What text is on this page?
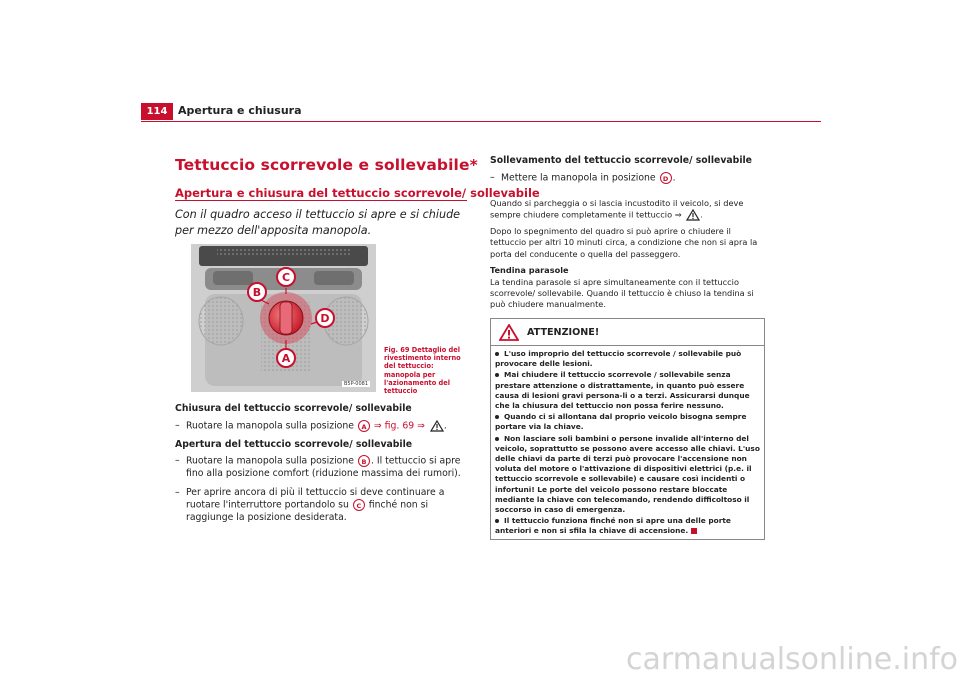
114 Apertura e chiusura
Tettuccio scorrevole e sollevabile*
Apertura e chiusura del tettuccio scorrevole/ sollevabile
Con il quadro acceso il tettuccio si apre e si chiude per mezzo dell'apposita manopola.
C
B
D
A
B5P-0081
Fig. 69 Dettaglio del rivestimento interno del tettuccio: manopola per l'azionamento del tettuccio
Chiusura del tettuccio scorrevole/ sollevabile
– Ruotare la manopola sulla posizione A ⇒ fig. 69 ⇒ .
Apertura del tettuccio scorrevole/ sollevabile
– Ruotare la manopola sulla posizione B . Il tettuccio si apre fino alla posizione comfort (riduzione massima dei rumori).
– Per aprire ancora di più il tettuccio si deve continuare a ruotare l'interruttore portandolo su C finché non si raggiunge la posizione desiderata.
Sollevamento del tettuccio scorrevole/ sollevabile
– Mettere la manopola in posizione D .
Quando si parcheggia o si lascia incustodito il veicolo, si deve sempre chiudere completamente il tettuccio ⇒ .
Dopo lo spegnimento del quadro si può aprire o chiudere il tettuccio per altri 10 minuti circa, a condizione che non si apra la porta del conducente o quella del passeggero.
Tendina parasole
La tendina parasole si apre simultaneamente con il tettuccio scorrevole/ sollevabile. Quando il tettuccio è chiuso la tendina si può chiudere manualmente.
ATTENZIONE!

L'uso improprio del tettuccio scorrevole / sollevabile può provocare delle lesioni.

Mai chiudere il tettuccio scorrevole / sollevabile senza prestare attenzione o distrattamente, in quanto può essere causa di lesioni gravi persona-li o a terzi. Assicurarsi dunque che la chiusura del tettuccio non possa ferire nessuno.

Quando ci si allontana dal proprio veicolo bisogna sempre portare via la chiave.

Non lasciare soli bambini o persone invalide all'interno del veicolo, soprattutto se possono avere accesso alle chiavi. L'uso delle chiavi da parte di terzi può provocare l'accensione non voluta del motore o l'attivazione di dispositivi elettrici (p.e. il tettuccio scorrevole e sollevabile) e causare così incidenti o infortuni! Le porte del veicolo possono restare bloccate mediante la chiave con telecomando, rendendo difficoltoso il soccorso in caso di emergenza.

Il tettuccio funziona finché non si apre una delle porte anteriori e non si sfila la chiave di accensione.

carmanualsonline.info
